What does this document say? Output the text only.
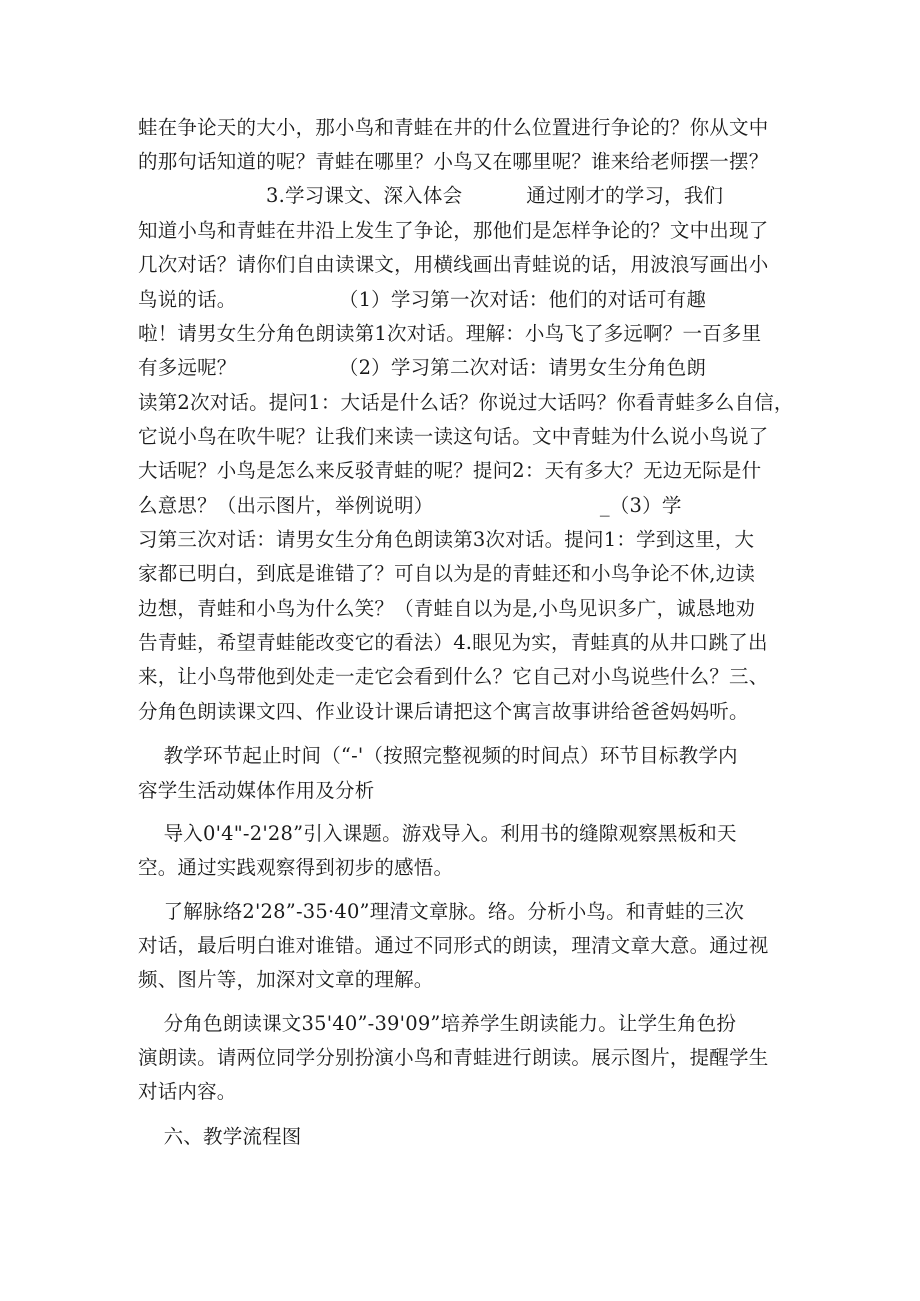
蛙在争论天的大小，那小鸟和青蛙在井的什么位置进行争论的？你从文中
的那句话知道的呢？青蛙在哪里？小鸟又在哪里呢？谁来给老师摆一摆？
3.学习课文、深入体会          通过刚才的学习，我们
知道小鸟和青蛙在井沿上发生了争论，那他们是怎样争论的？文中出现了
几次对话？请你们自由读课文，用横线画出青蛙说的话，用波浪写画出小
鸟说的话。                （1）学习第一次对话：他们的对话可有趣
啦！请男女生分角色朗读第1次对话。理解：小鸟飞了多远啊？一百多里
有多远呢？                （2）学习第二次对话：请男女生分角色朗
读第2次对话。提问1：大话是什么话？你说过大话吗？你看青蛙多么自信，
它说小鸟在吹牛呢？让我们来读一读这句话。文中青蛙为什么说小鸟说了
大话呢？小鸟是怎么来反驳青蛙的呢？提问2：天有多大？无边无际是什
么意思？（出示图片，举例说明）                          _（3）学
习第三次对话：请男女生分角色朗读第3次对话。提问1：学到这里，大
家都已明白，到底是谁错了？可自以为是的青蛙还和小鸟争论不休,边读
边想，青蛙和小鸟为什么笑？（青蛙自以为是,小鸟见识多广，诚恳地劝
告青蛙，希望青蛙能改变它的看法）4.眼见为实，青蛙真的从井口跳了出
来，让小鸟带他到处走一走它会看到什么？它自己对小鸟说些什么？三、
分角色朗读课文四、作业设计课后请把这个寓言故事讲给爸爸妈妈听。
教学环节起止时间（“-'（按照完整视频的时间点）环节目标教学内
容学生活动媒体作用及分析
导入0'4"-2'28”引入课题。游戏导入。利用书的缝隙观察黑板和天
空。通过实践观察得到初步的感悟。
了解脉络2'28”-35·40”理清文章脉。络。分析小鸟。和青蛙的三次
对话，最后明白谁对谁错。通过不同形式的朗读，理清文章大意。通过视
频、图片等，加深对文章的理解。
分角色朗读课文35'40”-39'09”培养学生朗读能力。让学生角色扮
演朗读。请两位同学分别扮演小鸟和青蛙进行朗读。展示图片，提醒学生
对话内容。
六、教学流程图
